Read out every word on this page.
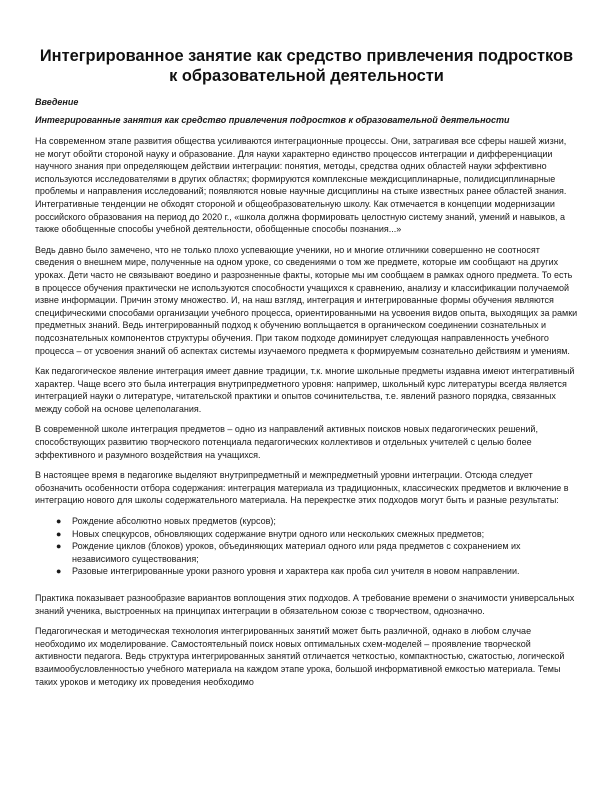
Интегрированное занятие как средство привлечения подростков к образовательной деятельности
Введение
Интегрированные занятия как средство привлечения подростков к образовательной деятельности

На современном этапе развития общества усиливаются интеграционные процессы. Они, затрагивая все сферы нашей жизни, не могут обойти стороной науку и образование. Для науки характерно единство процессов интеграции и дифференциации научного знания при определяющем действии интеграции: понятия, методы, средства одних областей науки эффективно используются исследователями в других областях; формируются комплексные междисциплинарные, полидисциплинарные проблемы и направления исследований; появляются новые научные дисциплины на стыке известных ранее областей знания. Интегративные тенденции не обходят стороной и общеобразовательную школу. Как отмечается в концепции модернизации российского образования на период до 2020 г., «школа должна формировать целостную систему знаний, умений и навыков, а также обобщенные способы учебной деятельности, обобщенные способы познания...»

Ведь давно было замечено, что не только плохо успевающие ученики, но и многие отличники совершенно не соотносят сведения о внешнем мире, полученные на одном уроке, со сведениями о том же предмете, которые им сообщают на других уроках. Дети часто не связывают воедино и разрозненные факты, которые мы им сообщаем в рамках одного предмета. То есть в процессе обучения практически не используются способности учащихся к сравнению, анализу и классификации получаемой извне информации. Причин этому множество. И, на наш взгляд, интеграция и интегрированные формы обучения являются специфическими способами организации учебного процесса, ориентированными на усвоения видов опыта, выходящих за рамки предметных знаний. Ведь интегрированный подход к обучению вопльщается в органическом соединении сознательных и подсознательных компонентов структуры обучения. При таком подходе доминирует следующая направленность учебного процесса – от усвоения знаний об аспектах системы изучаемого предмета к формируемым сознательно действиям и умениям.

Как педагогическое явление интеграция имеет давние традиции, т.к. многие школьные предметы издавна имеют интегративный характер. Чаще всего это была интеграция внутрипредметного уровня: например, школьный курс литературы всегда является интеграцией науки о литературе, читательской практики и опытов сочинительства, т.е. явлений разного порядка, связанных между собой на основе целеполагания.

В современной школе интеграция предметов – одно из направлений активных поисков новых педагогических решений, способствующих развитию творческого потенциала педагогических коллективов и отдельных учителей с целью более эффективного и разумного воздействия на учащихся.

В настоящее время в педагогике выделяют внутрипредметный и межпредметный уровни интеграции. Отсюда следует обозначить особенности отбора содержания: интеграция материала из традиционных, классических предметов и включение в интеграцию нового для школы содержательного материала. На перекрестке этих подходов могут быть и разные результаты:

● Рождение абсолютно новых предметов (курсов);
● Новых спецкурсов, обновляющих содержание внутри одного или нескольких смежных предметов;
● Рождение циклов (блоков) уроков, объединяющих материал одного или ряда предметов с сохранением их независимого существования;
● Разовые интегрированные уроки разного уровня и характера как проба сил учителя в новом направлении.

Практика показывает разнообразие вариантов воплощения этих подходов. А требование времени о значимости универсальных знаний ученика, выстроенных на принципах интеграции в обязательном союзе с творчеством, однозначно.

Педагогическая и методическая технология интегрированных занятий может быть различной, однако в любом случае необходимо их моделирование. Самостоятельный поиск новых оптимальных схем-моделей – проявление творческой активности педагога. Ведь структура интегрированных занятий отличается четкостью, компактностью, сжатостью, логической взаимообусловленностью учебного материала на каждом этапе урока, большой информативной емкостью материала. Темы таких уроков и методику их проведения необходимо
